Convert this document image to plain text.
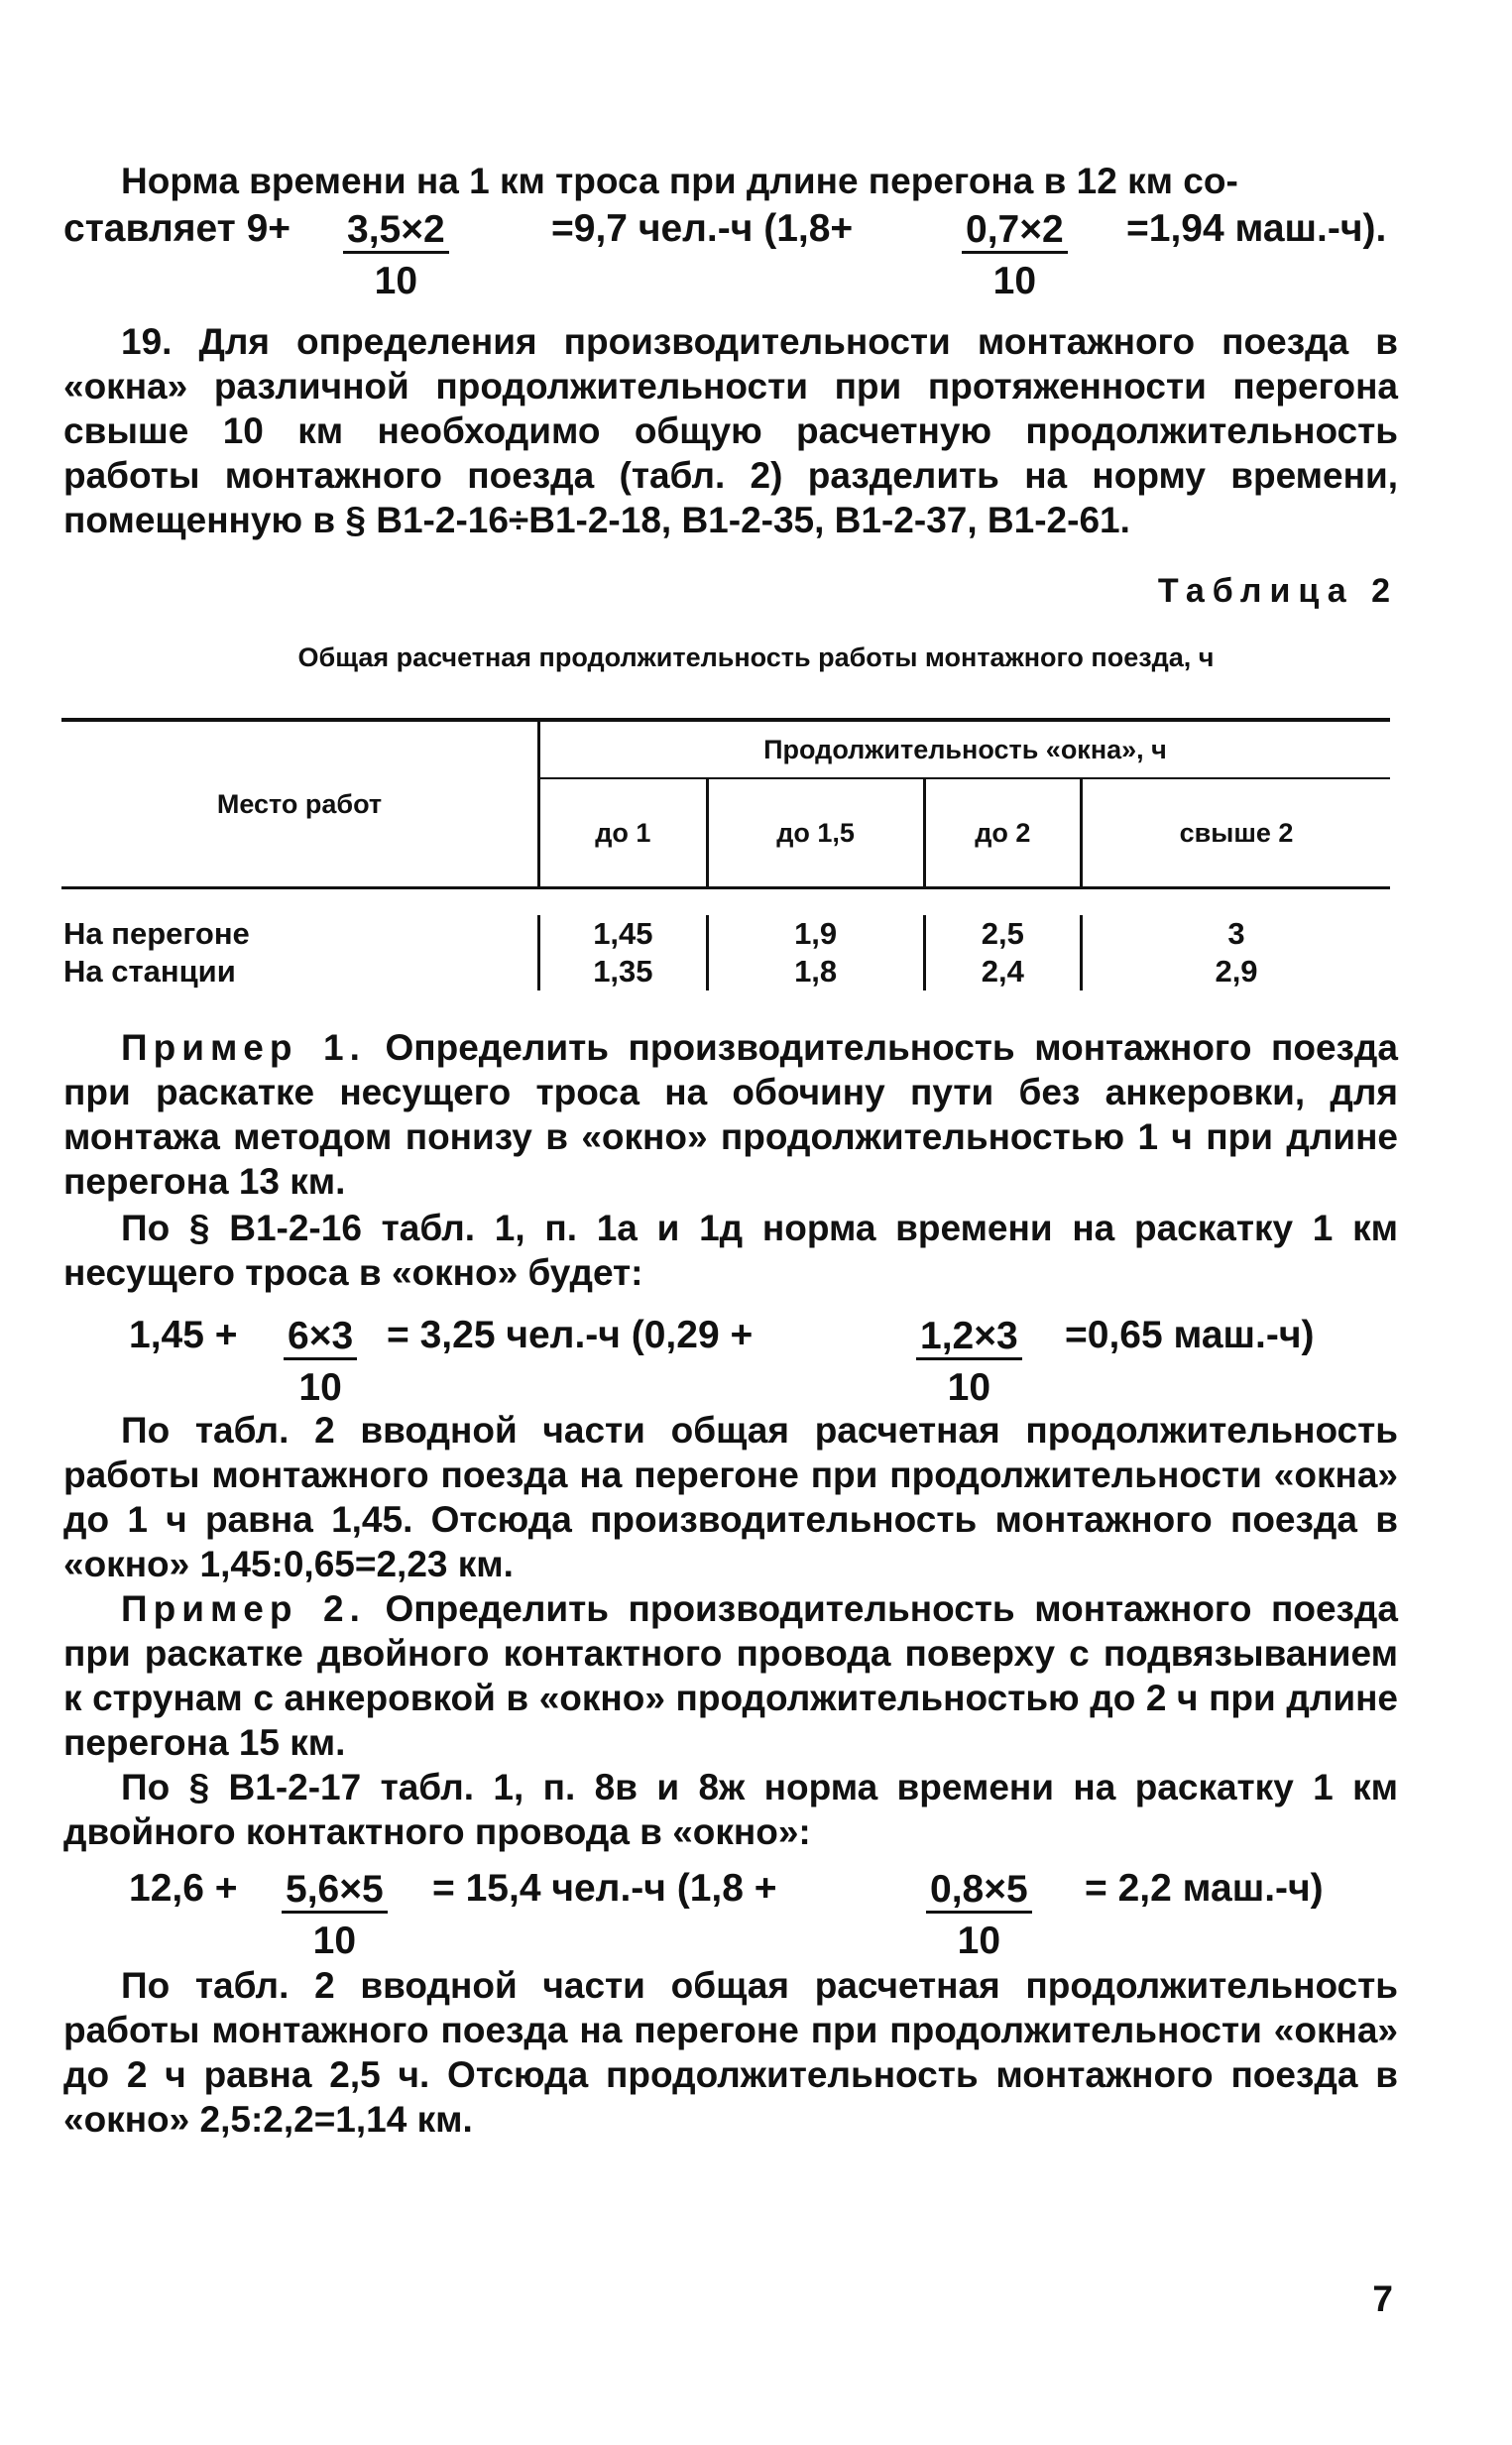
Норма времени на 1 км троса при длине перегона в 12 км со-

ставляет $9+ \frac{3,5\times 2}{10}$	=9,7 чел.-ч (1,8+	$\frac{0,7\times 2}{10} =1,94$ маш.-ч).

19. Для определения производительности монтажного поезда в «окна» различной продолжительности при протяженности перегона свыше 10 км необходимо общую расчетную продолжительность работы монтажного поезда (табл. 2) разделить на норму времени, помещенную в § В1-2-16÷В1-2-18, В1-2-35, В1-2-37, В1-2-61.

Таблица 2
Общая расчетная продолжительность работы монтажного поезда, ч
Место работ	Продолжительность «окна», ч			
	до 1	до 1,5	до 2	свыше 2

На перегоне	1,45	1,9	2,5	3
На станции	1,35	1,8	2,4	2,9

Пример 1. Определить производительность монтажного поезда при раскатке несущего троса на обочину пути без анкеровки, для монтажа методом понизу в «окно» продолжительностью 1 ч при длине перегона 13 км.

По § В1-2-16 табл. 1, п. 1а и 1д норма времени на раскатку 1 км несущего троса в «окно» будет:

$1,45 + \frac{6\times 3}{10} = 3,25$ чел.-ч (0,29 +	$\frac{1,2\times 3}{10} =0,65$ маш.-ч)

По табл. 2 вводной части общая расчетная продолжительность работы монтажного поезда на перегоне при продолжительности «окна» до 1 ч равна 1,45. Отсюда производительность монтажного поезда в «окно» 1,45:0,65=2,23 км.

Пример 2. Определить производительность монтажного поезда при раскатке двойного контактного провода поверху с подвязыванием к струнам с анкеровкой в «окно» продолжительностью до 2 ч при длине перегона 15 км.

По § В1-2-17 табл. 1, п. 8в и 8ж норма времени на раскатку 1 км двойного контактного провода в «окно»:

$12,6 + \frac{5,6\times 5}{10} = 15,4$ чел.-ч (1,8 +	$\frac{0,8\times 5}{10} = 2,2$ маш.-ч)

По табл. 2 вводной части общая расчетная продолжительность работы монтажного поезда на перегоне при продолжительности «окна» до 2 ч равна 2,5 ч. Отсюда продолжительность монтажного поезда в «окно» 2,5:2,2=1,14 км.

7
